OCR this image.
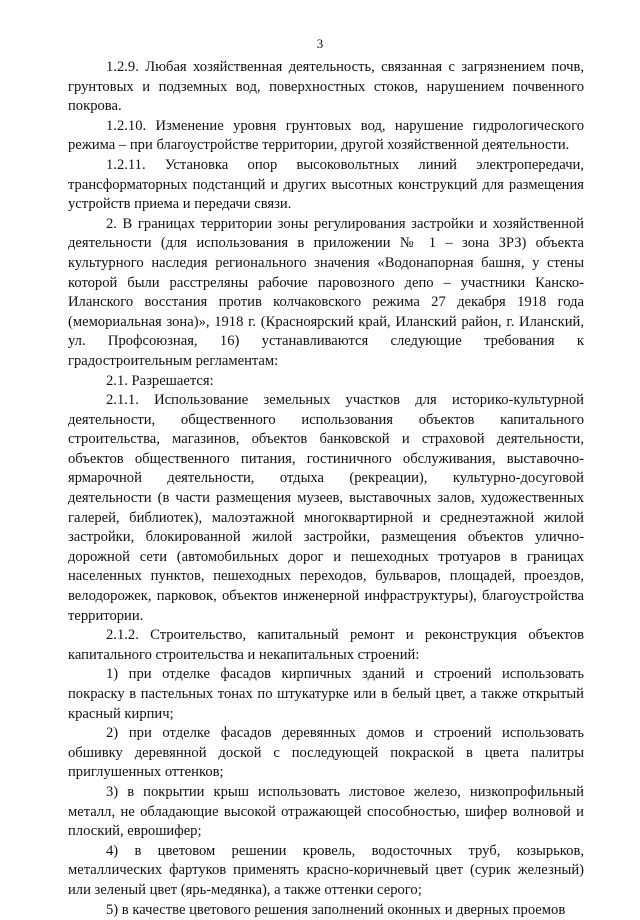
3

1.2.9. Любая хозяйственная деятельность, связанная с загрязнением почв, грунтовых и подземных вод, поверхностных стоков, нарушением почвенного покрова.

1.2.10. Изменение уровня грунтовых вод, нарушение гидрологического режима – при благоустройстве территории, другой хозяйственной деятельности.

1.2.11. Установка опор высоковольтных линий электропередачи, трансформаторных подстанций и других высотных конструкций для размещения устройств приема и передачи связи.

2. В границах территории зоны регулирования застройки и хозяйственной деятельности (для использования в приложении № 1 – зона ЗРЗ) объекта культурного наследия регионального значения «Водонапорная башня, у стены которой были расстреляны рабочие паровозного депо – участники Канско-Иланского восстания против колчаковского режима 27 декабря 1918 года (мемориальная зона)», 1918 г. (Красноярский край, Иланский район, г. Иланский, ул. Профсоюзная, 16) устанавливаются следующие требования к градостроительным регламентам:

2.1. Разрешается:

2.1.1. Использование земельных участков для историко-культурной деятельности, общественного использования объектов капитального строительства, магазинов, объектов банковской и страховой деятельности, объектов общественного питания, гостиничного обслуживания, выставочно-ярмарочной деятельности, отдыха (рекреации), культурно-досуговой деятельности (в части размещения музеев, выставочных залов, художественных галерей, библиотек), малоэтажной многоквартирной и среднеэтажной жилой застройки, блокированной жилой застройки, размещения объектов улично-дорожной сети (автомобильных дорог и пешеходных тротуаров в границах населенных пунктов, пешеходных переходов, бульваров, площадей, проездов, велодорожек, парковок, объектов инженерной инфраструктуры), благоустройства территории.

2.1.2. Строительство, капитальный ремонт и реконструкция объектов капитального строительства и некапитальных строений:

1) при отделке фасадов кирпичных зданий и строений использовать покраску в пастельных тонах по штукатурке или в белый цвет, а также открытый красный кирпич;

2) при отделке фасадов деревянных домов и строений использовать обшивку деревянной доской с последующей покраской в цвета палитры приглушенных оттенков;

3) в покрытии крыш использовать листовое железо, низкопрофильный металл, не обладающие высокой отражающей способностью, шифер волновой и плоский, еврошифер;

4) в цветовом решении кровель, водосточных труб, козырьков, металлических фартуков применять красно-коричневый цвет (сурик железный) или зеленый цвет (ярь-медянка), а также оттенки серого;

5) в качестве цветового решения заполнений оконных и дверных проемов
